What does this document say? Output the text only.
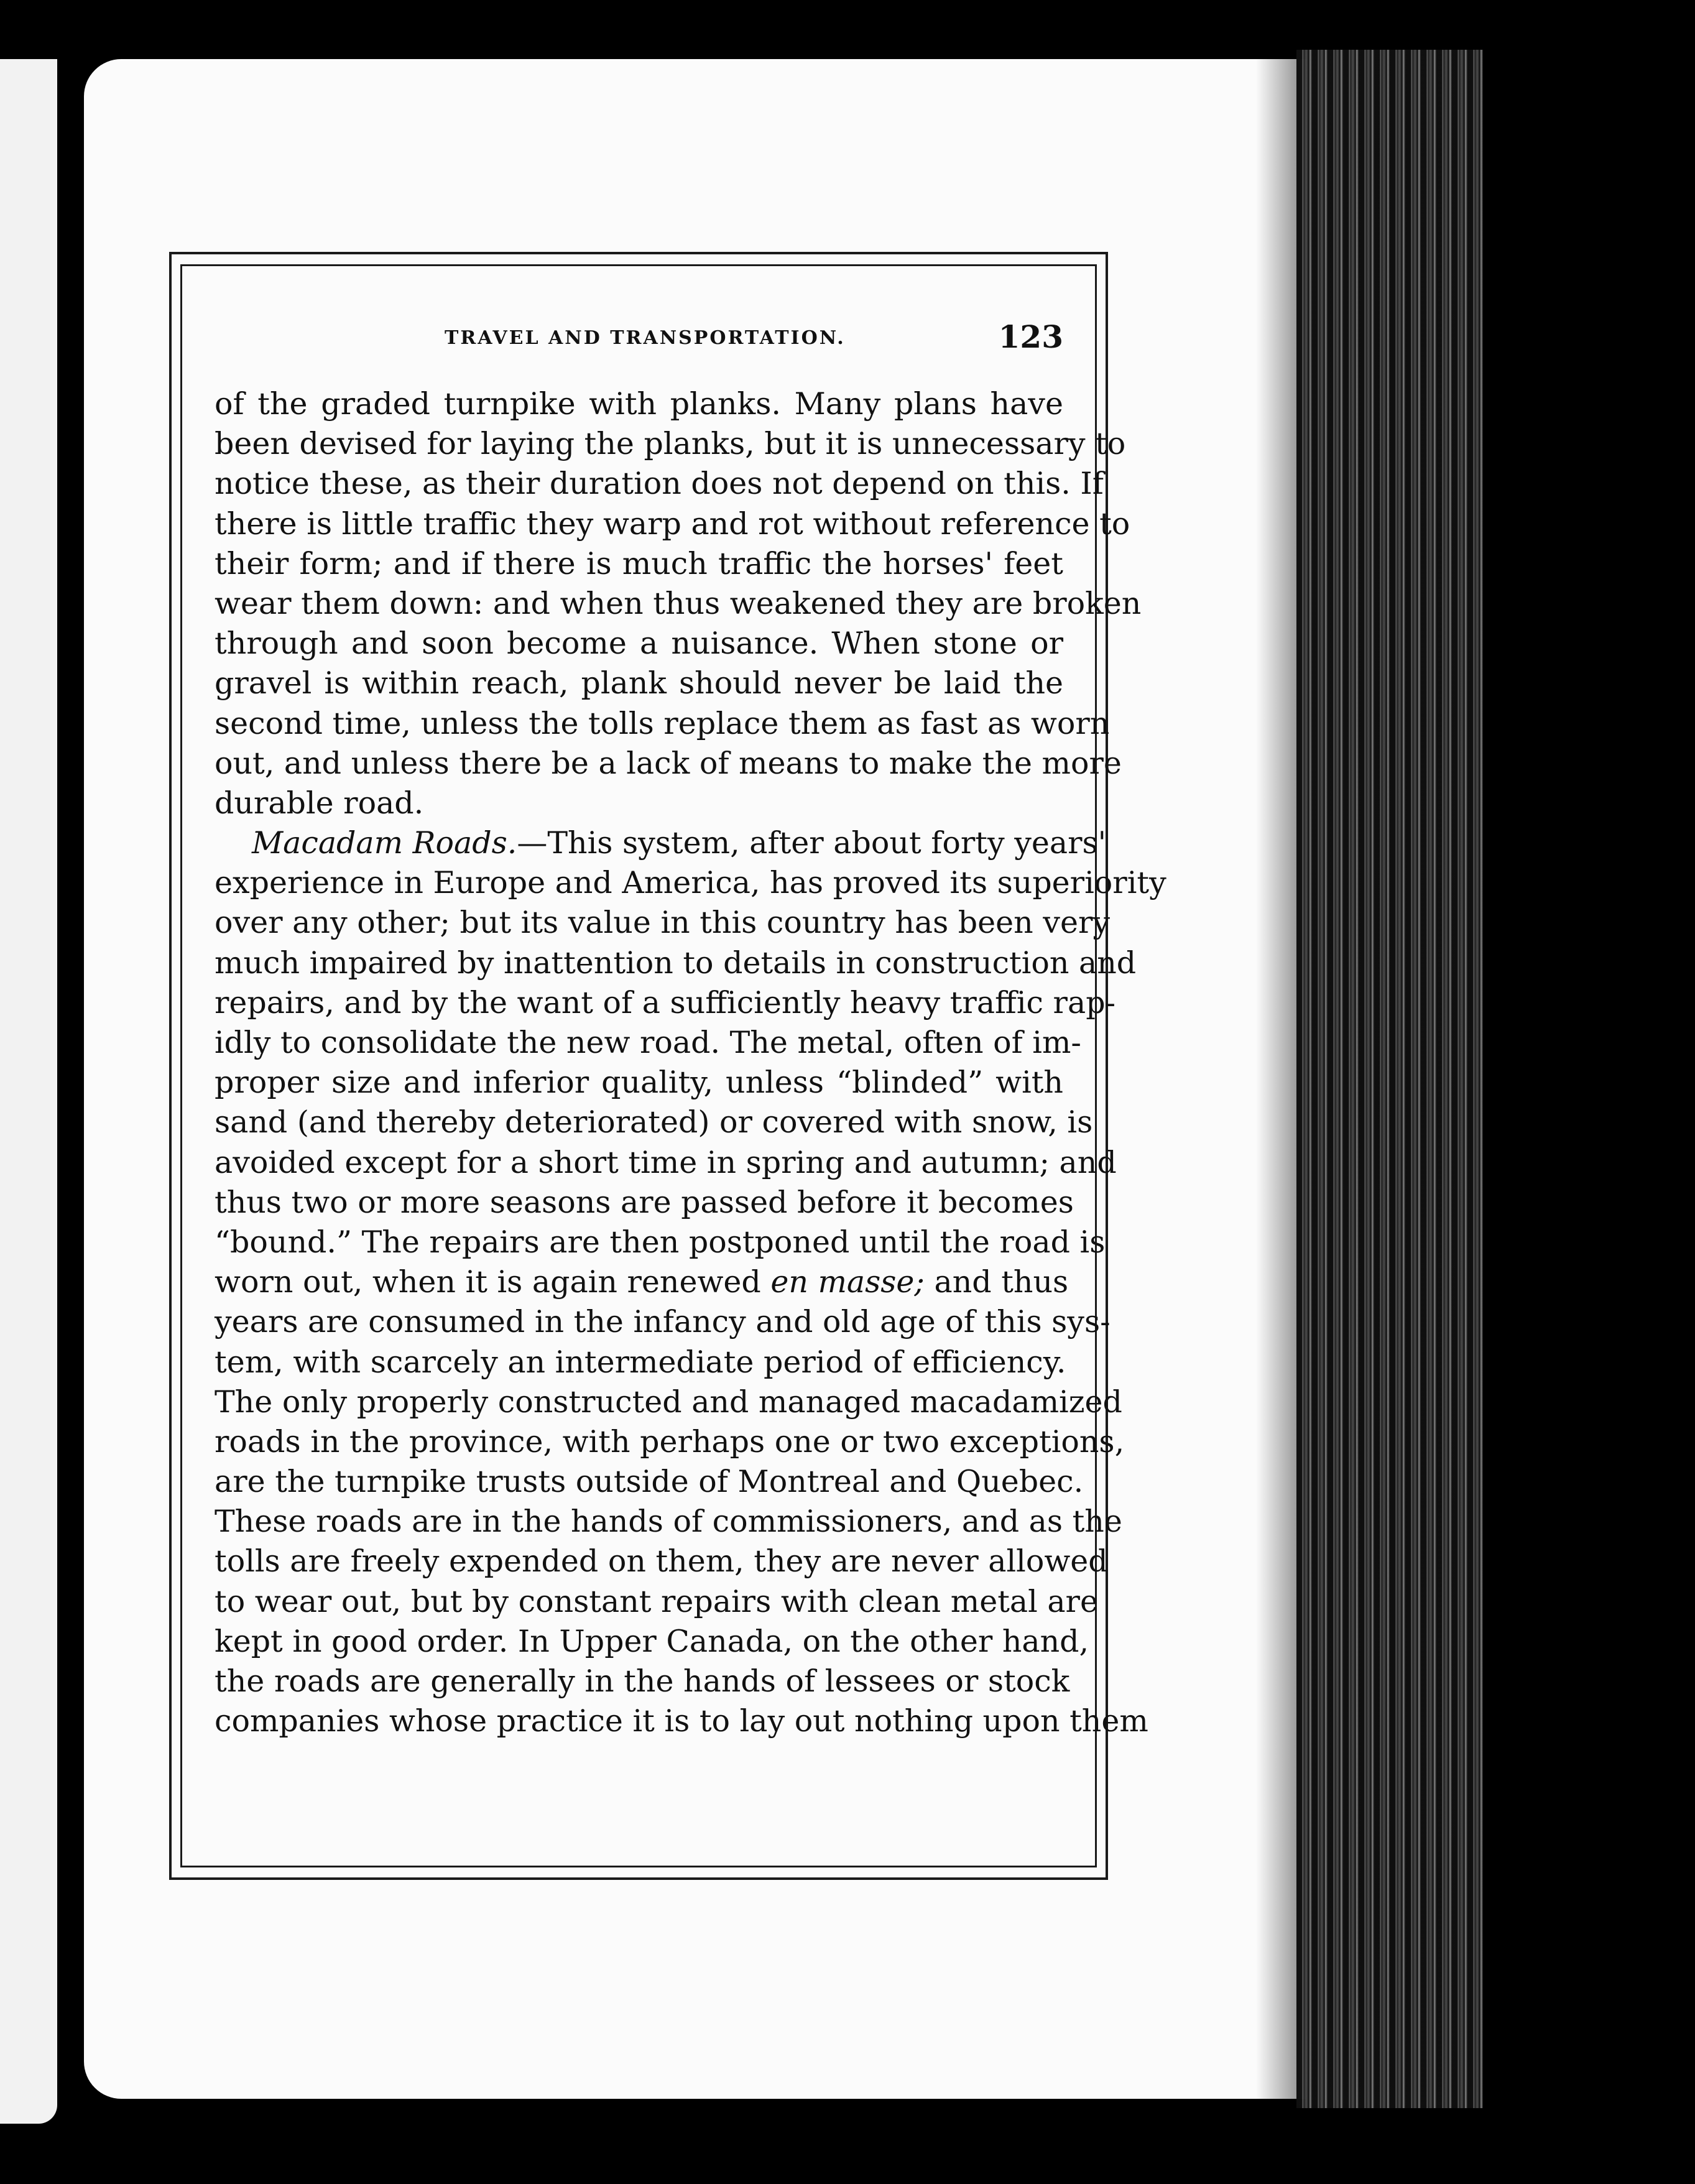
TRAVEL AND TRANSPORTATION.	123
of the graded turnpike with planks. Many plans have
been devised for laying the planks, but it is unnecessary to
notice these, as their duration does not depend on this. If
there is little traffic they warp and rot without reference to
their form; and if there is much traffic the horses' feet
wear them down: and when thus weakened they are broken
through and soon become a nuisance. When stone or
gravel is within reach, plank should never be laid the
second time, unless the tolls replace them as fast as worn
out, and unless there be a lack of means to make the more
durable road.
Macadam Roads.—This system, after about forty years'
experience in Europe and America, has proved its superiority
over any other; but its value in this country has been very
much impaired by inattention to details in construction and
repairs, and by the want of a sufficiently heavy traffic rap-
idly to consolidate the new road. The metal, often of im-
proper size and inferior quality, unless “blinded” with
sand (and thereby deteriorated) or covered with snow, is
avoided except for a short time in spring and autumn; and
thus two or more seasons are passed before it becomes
“bound.” The repairs are then postponed until the road is
worn out, when it is again renewed en masse; and thus
years are consumed in the infancy and old age of this sys-
tem, with scarcely an intermediate period of efficiency.
The only properly constructed and managed macadamized
roads in the province, with perhaps one or two exceptions,
are the turnpike trusts outside of Montreal and Quebec.
These roads are in the hands of commissioners, and as the
tolls are freely expended on them, they are never allowed
to wear out, but by constant repairs with clean metal are
kept in good order. In Upper Canada, on the other hand,
the roads are generally in the hands of lessees or stock
companies whose practice it is to lay out nothing upon them
